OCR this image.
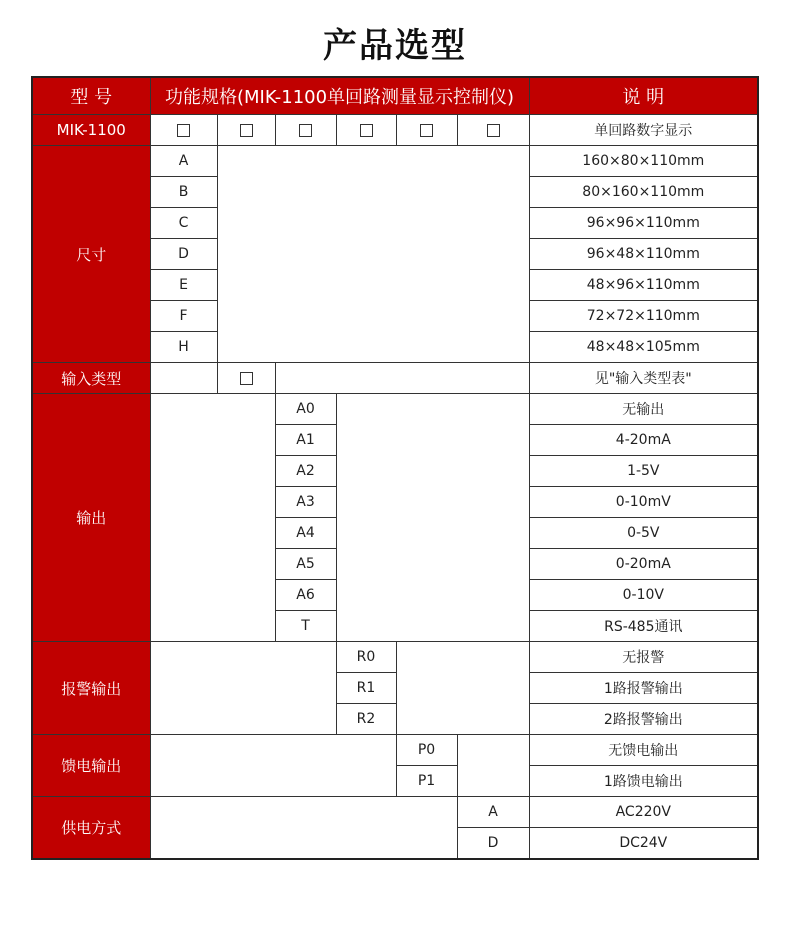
产品选型
型 号	功能规格(MIK-1100单回路测量显示控制仪)						说 明
MIK-1100							单回路数字显示
尺寸	A						160×80×110mm
	B						80×160×110mm
	C						96×96×110mm
	D						96×48×110mm
	E						48×96×110mm
	F						72×72×110mm
	H						48×48×105mm
输入类型							见"输入类型表"
输出			A0				无输出
			A1				4-20mA
			A2				1-5V
			A3				0-10mV
			A4				0-5V
			A5				0-20mA
			A6				0-10V
			T				RS-485通讯
报警输出				R0			无报警
				R1			1路报警输出
				R2			2路报警输出
馈电输出					P0		无馈电输出
					P1		1路馈电输出
供电方式						A	AC220V
						D	DC24V
